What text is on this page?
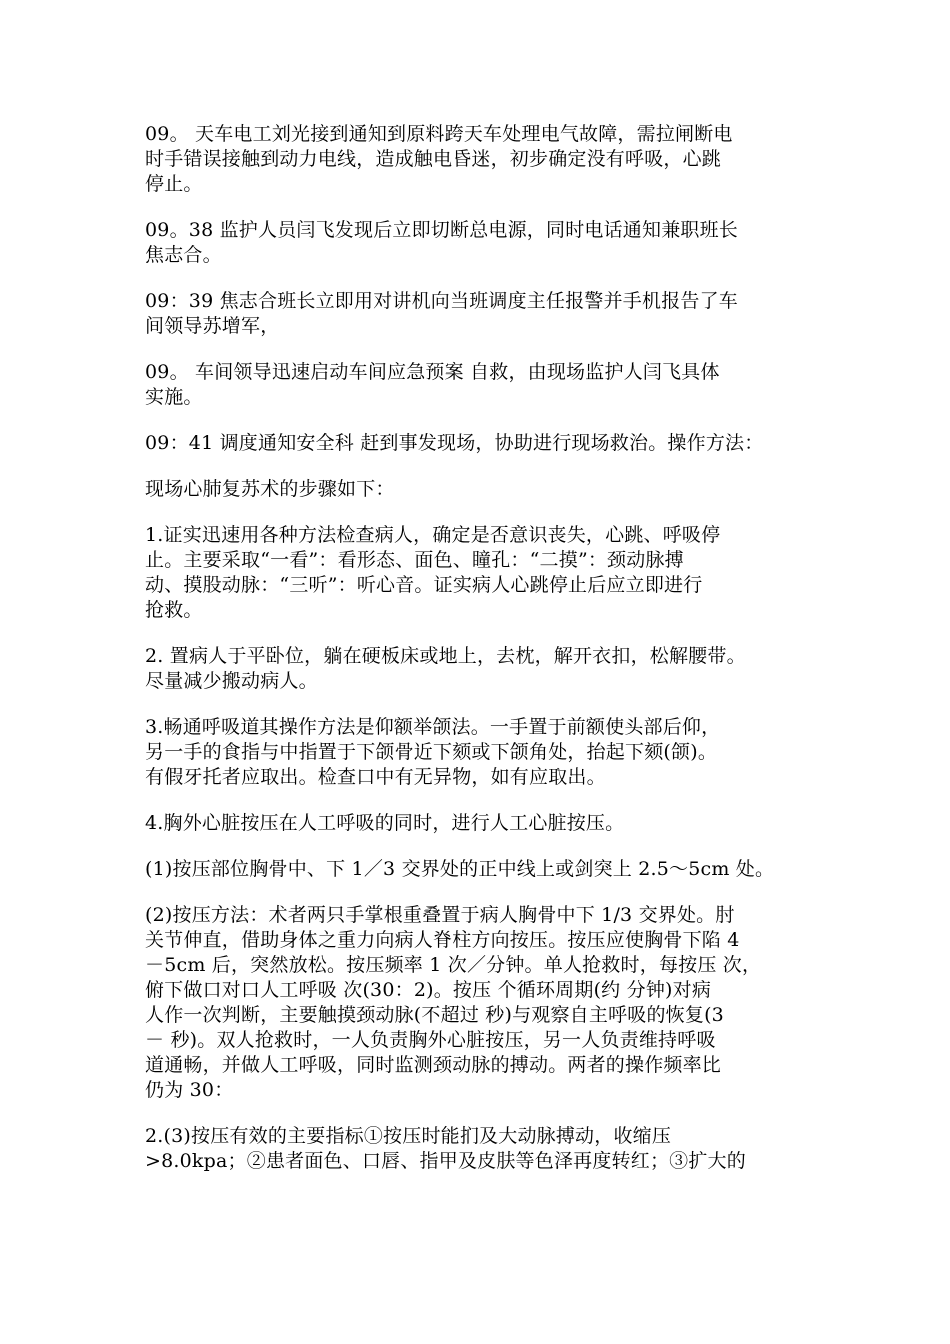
09。 天车电工刘光接到通知到原料跨天车处理电气故障，需拉闸断电
时手错误接触到动力电线，造成触电昏迷，初步确定没有呼吸，心跳
停止。

09。38 监护人员闫飞发现后立即切断总电源，同时电话通知兼职班长
焦志合。

09：39 焦志合班长立即用对讲机向当班调度主任报警并手机报告了车
间领导苏增军，

09。 车间领导迅速启动车间应急预案 自救，由现场监护人闫飞具体
实施。

09：41 调度通知安全科 赶到事发现场，协助进行现场救治。操作方法：

现场心肺复苏术的步骤如下：

1.证实迅速用各种方法检查病人，确定是否意识丧失，心跳、呼吸停
止。主要采取“一看”：看形态、面色、瞳孔：“二摸”：颈动脉搏
动、摸股动脉：“三听”：听心音。证实病人心跳停止后应立即进行
抢救。

2. 置病人于平卧位，躺在硬板床或地上，去枕，解开衣扣，松解腰带。
尽量减少搬动病人。

3.畅通呼吸道其操作方法是仰额举颌法。一手置于前额使头部后仰，
另一手的食指与中指置于下颌骨近下颏或下颌角处，抬起下颏(颌)。
有假牙托者应取出。检查口中有无异物，如有应取出。

4.胸外心脏按压在人工呼吸的同时，进行人工心脏按压。

(1)按压部位胸骨中、下 1／3 交界处的正中线上或剑突上 2.5～5cm 处。

(2)按压方法：术者两只手掌根重叠置于病人胸骨中下 1/3 交界处。肘
关节伸直，借助身体之重力向病人脊柱方向按压。按压应使胸骨下陷 4
－5cm 后，突然放松。按压频率 1 次／分钟。单人抢救时，每按压 次，
俯下做口对口人工呼吸 次(30：2)。按压 个循环周期(约 分钟)对病
人作一次判断，主要触摸颈动脉(不超过 秒)与观察自主呼吸的恢复(3
－ 秒)。双人抢救时，一人负责胸外心脏按压，另一人负责维持呼吸
道通畅，并做人工呼吸，同时监测颈动脉的搏动。两者的操作频率比
仍为 30：

2.(3)按压有效的主要指标①按压时能扪及大动脉搏动，收缩压
>8.0kpa；②患者面色、口唇、指甲及皮肤等色泽再度转红；③扩大的
